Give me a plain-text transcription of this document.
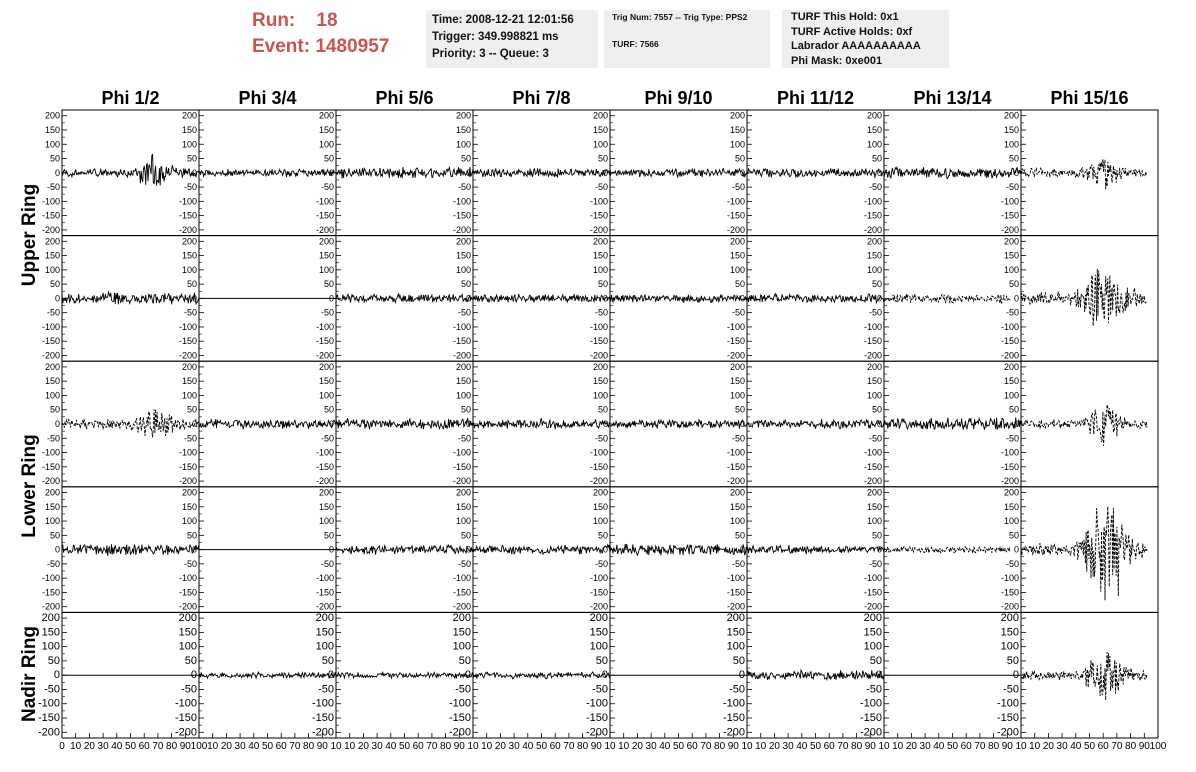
Run: 18
Event: 1480957
Time: 2008-12-21 12:01:56
Trigger: 349.998821 ms
Priority: 3 -- Queue: 3
Trig Num: 7557 -- Trig Type: PPS2
TURF: 7566
TURF This Hold: 0x1
TURF Active Holds: 0xf
Labrador AAAAAAAAAA
Phi Mask: 0xe001
Phi 1/2	Phi 3/4	Phi 5/6	Phi 7/8	Phi 9/10	Phi 11/12	Phi 13/14	Phi 15/16
Upper Ring
Lower Ring
Nadir Ring
-200
-150
-100
-50
0
50
100
150
200
-200
-150
-100
-50
0
50
100
150
200
-200
-150
-100
-50
0
50
100
150
200
-200
-150
-100
-50
0
50
100
150
200
-200
-150
-100
-50
0
50
100
150
200
-200
-150
-100
-50
0
50
100
150
200
-200
-150
-100
-50
0
50
100
150
200
-200
-150
-100
-50
0
50
100
150
200
-200
-150
-100
-50
0
50
100
150
200
-200
-150
-100
-50
0
50
100
150
200
-200
-150
-100
-50
0
50
100
150
200
-200
-150
-100
-50
0
50
100
150
200
-200
-150
-100
-50
0
50
100
150
200
-200
-150
-100
-50
0
50
100
150
200
-200
-150
-100
-50
0
50
100
150
200
-200
-150
-100
-50
0
50
100
150
200
-200
-150
-100
-50
0
50
100
150
200
-200
-150
-100
-50
0
50
100
150
200
-200
-150
-100
-50
0
50
100
150
200
-200
-150
-100
-50
0
50
100
150
200
-200
-150
-100
-50
0
50
100
150
200
-200
-150
-100
-50
0
50
100
150
200
-200
-150
-100
-50
0
50
100
150
200
-200
-150
-100
-50
0
50
100
150
200
-200
-150
-100
-50
0
50
100
150
200
-200
-150
-100
-50
0
50
100
150
200
-200
-150
-100
-50
0
50
100
150
200
-200
-150
-100
-50
0
50
100
150
200
-200
-150
-100
-50
0
50
100
150
200
-200
-150
-100
-50
0
50
100
150
200
-200
-150
-100
-50
0
50
100
150
200
-200
-150
-100
-50
0
50
100
150
200
-200
-150
-100
-50
0
50
100
150
200
0 10 20 30 40 50 60 70 80 90 100
-200
-150
-100
-50
0
50
100
150
200
10 20 30 40 50 60 70 80 90 10
-200
-150
-100
-50
0
50
100
150
200
10 20 30 40 50 60 70 80 90 10
-200
-150
-100
-50
0
50
100
150
200
10 20 30 40 50 60 70 80 90 10
-200
-150
-100
-50
0
50
100
150
200
10 20 30 40 50 60 70 80 90 10
-200
-150
-100
-50
0
50
100
150
200
10 20 30 40 50 60 70 80 90 10
-200
-150
-100
-50
0
50
100
150
200
10 20 30 40 50 60 70 80 90 10
-200
-150
-100
-50
0
50
100
150
200
10 20 30 40 50 60 70 80 90 100
